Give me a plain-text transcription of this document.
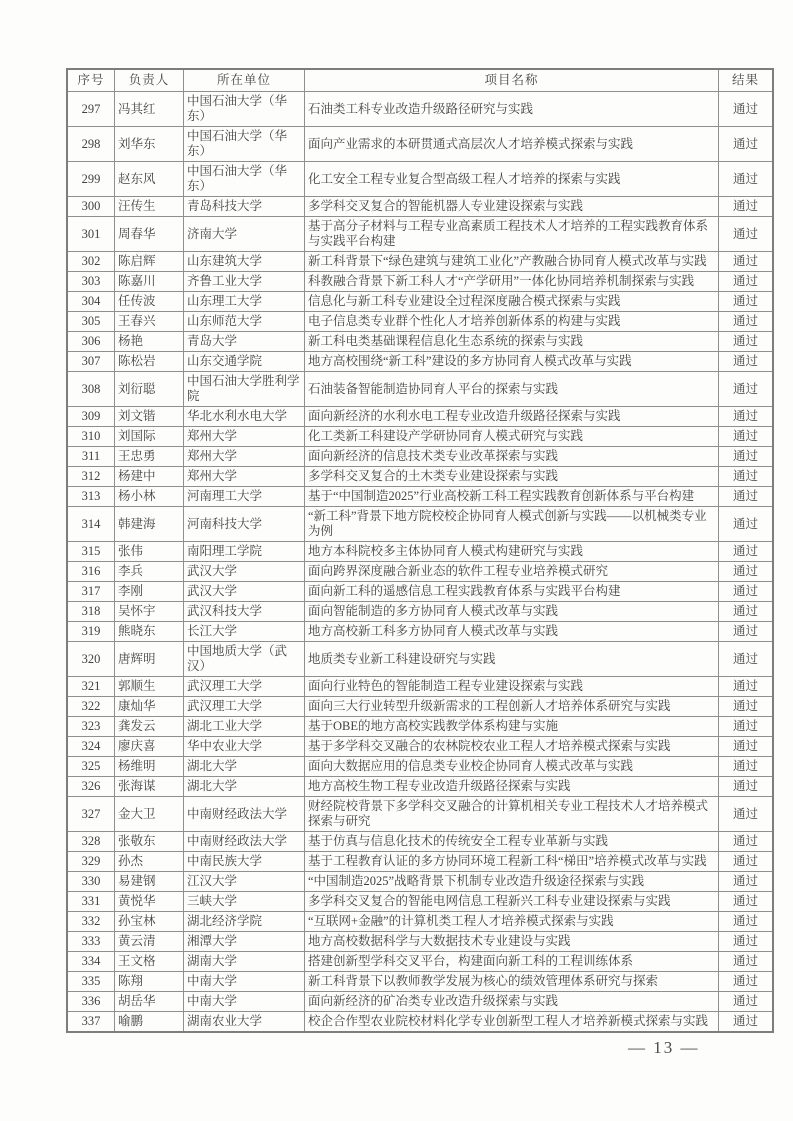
序号	负责人	所在单位	项目名称	结果
297	冯其红	中国石油大学（华东）	石油类工科专业改造升级路径研究与实践	通过
298	刘华东	中国石油大学（华东）	面向产业需求的本研贯通式高层次人才培养模式探索与实践	通过
299	赵东风	中国石油大学（华东）	化工安全工程专业复合型高级工程人才培养的探索与实践	通过
300	汪传生	青岛科技大学	多学科交叉复合的智能机器人专业建设探索与实践	通过
301	周春华	济南大学	基于高分子材料与工程专业高素质工程技术人才培养的工程实践教育体系与实践平台构建	通过
302	陈启辉	山东建筑大学	新工科背景下“绿色建筑与建筑工业化”产教融合协同育人模式改革与实践	通过
303	陈嘉川	齐鲁工业大学	科教融合背景下新工科人才“产学研用”一体化协同培养机制探索与实践	通过
304	任传波	山东理工大学	信息化与新工科专业建设全过程深度融合模式探索与实践	通过
305	王春兴	山东师范大学	电子信息类专业群个性化人才培养创新体系的构建与实践	通过
306	杨艳	青岛大学	新工科电类基础课程信息化生态系统的探索与实践	通过
307	陈松岩	山东交通学院	地方高校围绕“新工科”建设的多方协同育人模式改革与实践	通过
308	刘衍聪	中国石油大学胜利学院	石油装备智能制造协同育人平台的探索与实践	通过
309	刘文锴	华北水利水电大学	面向新经济的水利水电工程专业改造升级路径探索与实践	通过
310	刘国际	郑州大学	化工类新工科建设产学研协同育人模式研究与实践	通过
311	王忠勇	郑州大学	面向新经济的信息技术类专业改革探索与实践	通过
312	杨建中	郑州大学	多学科交叉复合的土木类专业建设探索与实践	通过
313	杨小林	河南理工大学	基于“中国制造2025”行业高校新工科工程实践教育创新体系与平台构建	通过
314	韩建海	河南科技大学	“新工科”背景下地方院校校企协同育人模式创新与实践——以机械类专业为例	通过
315	张伟	南阳理工学院	地方本科院校多主体协同育人模式构建研究与实践	通过
316	李兵	武汉大学	面向跨界深度融合新业态的软件工程专业培养模式研究	通过
317	李刚	武汉大学	面向新工科的遥感信息工程实践教育体系与实践平台构建	通过
318	吴怀宇	武汉科技大学	面向智能制造的多方协同育人模式改革与实践	通过
319	熊晓东	长江大学	地方高校新工科多方协同育人模式改革与实践	通过
320	唐辉明	中国地质大学（武汉）	地质类专业新工科建设研究与实践	通过
321	郭顺生	武汉理工大学	面向行业特色的智能制造工程专业建设探索与实践	通过
322	康灿华	武汉理工大学	面向三大行业转型升级新需求的工程创新人才培养体系研究与实践	通过
323	龚发云	湖北工业大学	基于OBE的地方高校实践教学体系构建与实施	通过
324	廖庆喜	华中农业大学	基于多学科交叉融合的农林院校农业工程人才培养模式探索与实践	通过
325	杨维明	湖北大学	面向大数据应用的信息类专业校企协同育人模式改革与实践	通过
326	张海谋	湖北大学	地方高校生物工程专业改造升级路径探索与实践	通过
327	金大卫	中南财经政法大学	财经院校背景下多学科交叉融合的计算机相关专业工程技术人才培养模式探索与研究	通过
328	张敬东	中南财经政法大学	基于仿真与信息化技术的传统安全工程专业革新与实践	通过
329	孙杰	中南民族大学	基于工程教育认证的多方协同环境工程新工科“梯田”培养模式改革与实践	通过
330	易建钢	江汉大学	“中国制造2025”战略背景下机制专业改造升级途径探索与实践	通过
331	黄悦华	三峡大学	多学科交叉复合的智能电网信息工程新兴工科专业建设探索与实践	通过
332	孙宝林	湖北经济学院	“互联网+金融”的计算机类工程人才培养模式探索与实践	通过
333	黄云清	湘潭大学	地方高校数据科学与大数据技术专业建设与实践	通过
334	王文格	湖南大学	搭建创新型学科交叉平台，构建面向新工科的工程训练体系	通过
335	陈翔	中南大学	新工科背景下以教师教学发展为核心的绩效管理体系研究与探索	通过
336	胡岳华	中南大学	面向新经济的矿冶类专业改造升级探索与实践	通过
337	喻鹏	湖南农业大学	校企合作型农业院校材料化学专业创新型工程人才培养新模式探索与实践	通过
— 13 —
